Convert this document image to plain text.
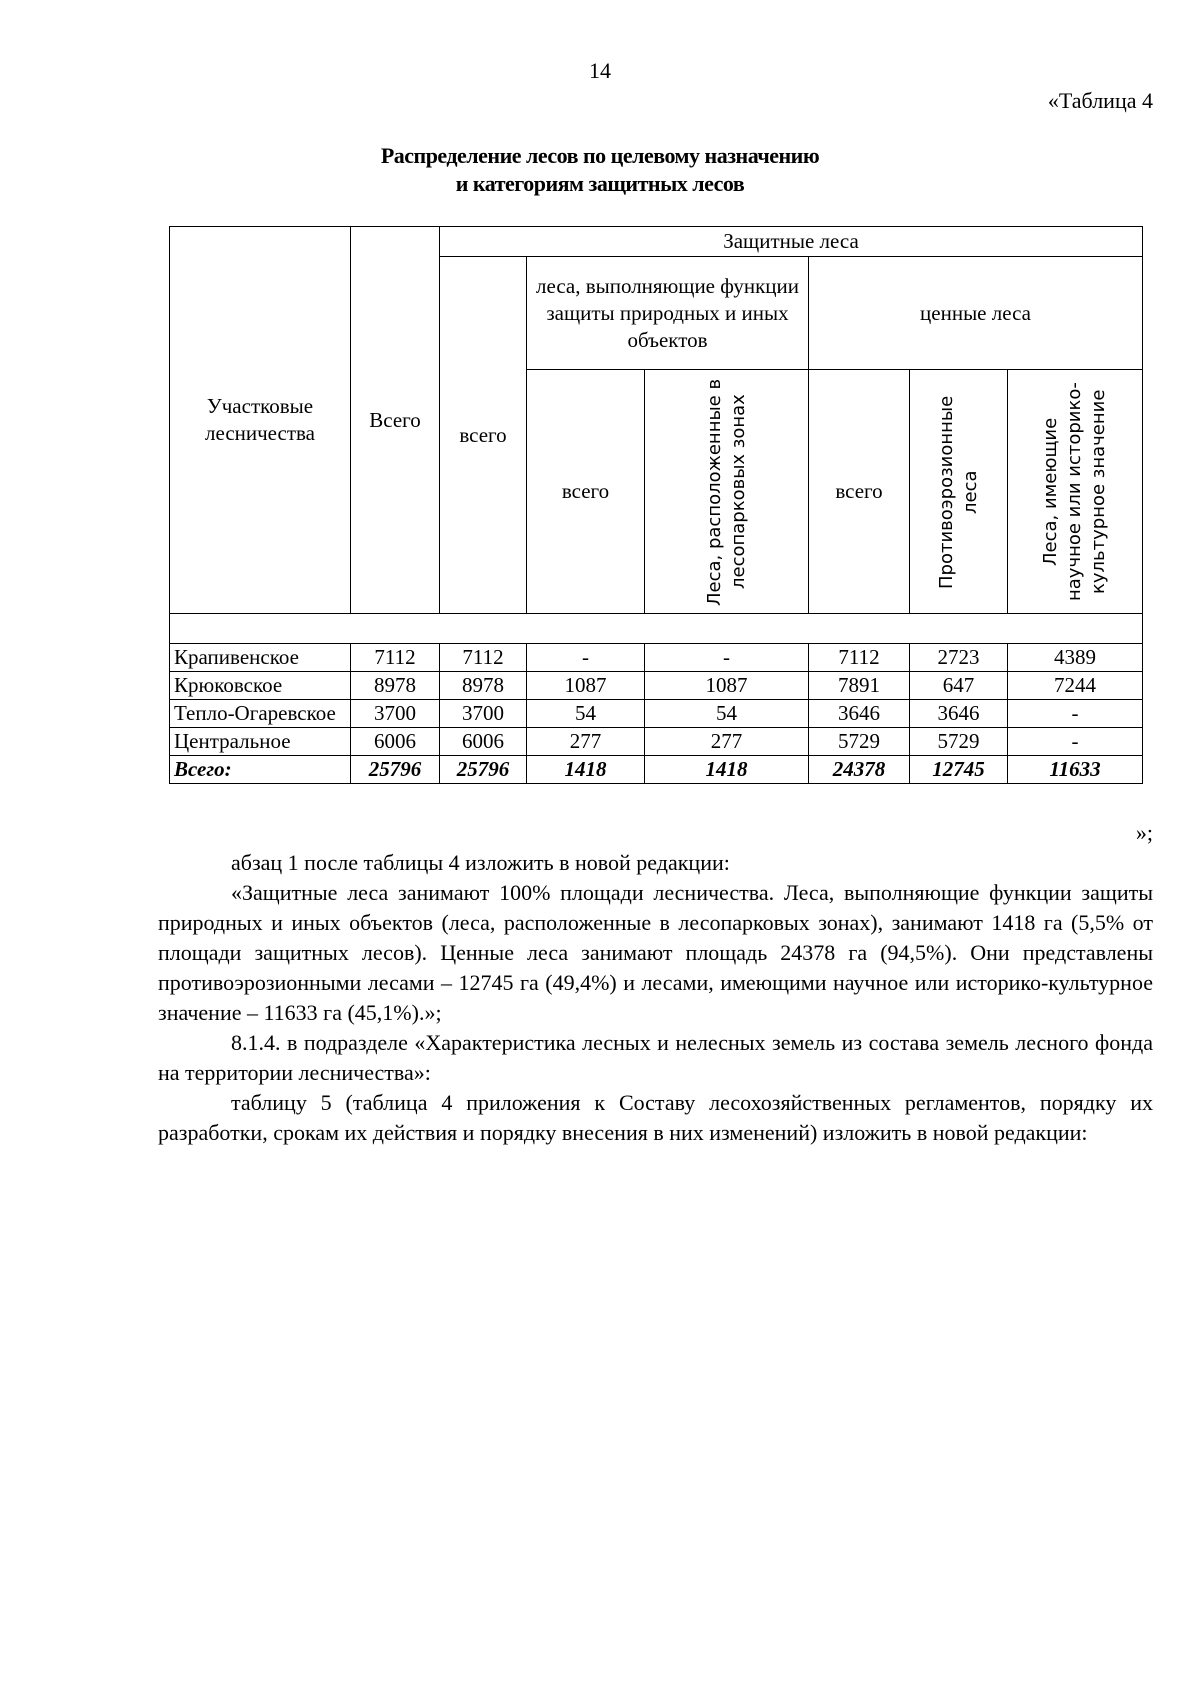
14
«Таблица 4
Распределение лесов по целевому назначению
и категориям защитных лесов
Участковые лесничества	Всего	Защитные леса					
		всего	леса, выполняющие функции защиты природных и иных объектов		ценные леса		
			всего	Леса, расположенные в лесопарковых зонах	всего	Противоэрозионные леса	Леса, имеющие научное или историко-культурное значение

Крапивенское	7112	7112	-	-	7112	2723	4389
Крюковское	8978	8978	1087	1087	7891	647	7244
Тепло-Огаревское	3700	3700	54	54	3646	3646	-
Центральное	6006	6006	277	277	5729	5729	-
Всего:	25796	25796	1418	1418	24378	12745	11633
»;

абзац 1 после таблицы 4 изложить в новой редакции:

«Защитные леса занимают 100% площади лесничества. Леса, выполняющие функции защиты природных и иных объектов (леса, расположенные в лесопарковых зонах), занимают 1418 га (5,5% от площади защитных лесов). Ценные леса занимают площадь 24378 га (94,5%). Они представлены противоэрозионными лесами – 12745 га (49,4%) и лесами, имеющими научное или историко-культурное значение – 11633 га (45,1%).»;

8.1.4. в подразделе «Характеристика лесных и нелесных земель из состава земель лесного фонда на территории лесничества»:

таблицу 5 (таблица 4 приложения к Составу лесохозяйственных регламентов, порядку их разработки, срокам их действия и порядку внесения в них изменений) изложить в новой редакции:
